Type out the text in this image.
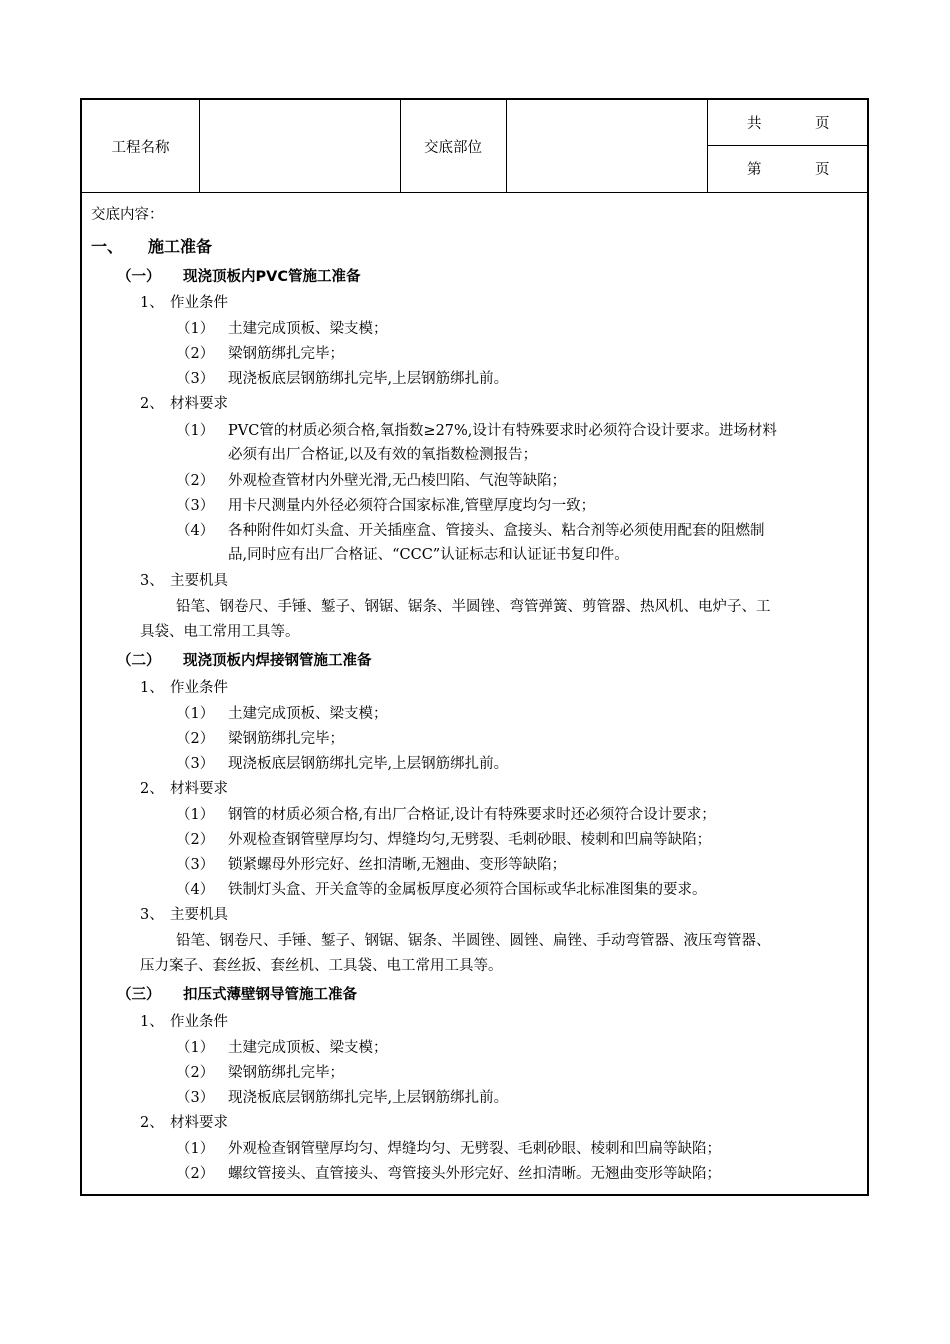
工程名称	交底部位
共	页
第	页
交底内容：
一、 施工准备
（一） 现浇顶板内PVC管施工准备
1、 作业条件
（1） 土建完成顶板、梁支模；
（2） 梁钢筋绑扎完毕；
（3） 现浇板底层钢筋绑扎完毕,上层钢筋绑扎前。
2、 材料要求
（1） PVC管的材质必须合格,氧指数≥27%,设计有特殊要求时必须符合设计要求。进场材料
必须有出厂合格证,以及有效的氧指数检测报告；
（2） 外观检查管材内外壁光滑,无凸棱凹陷、气泡等缺陷；
（3） 用卡尺测量内外径必须符合国家标准,管壁厚度均匀一致；
（4） 各种附件如灯头盒、开关插座盒、管接头、盒接头、粘合剂等必须使用配套的阻燃制
品,同时应有出厂合格证、“CCC”认证标志和认证证书复印件。
3、 主要机具
铅笔、钢卷尺、手锤、錾子、钢锯、锯条、半圆锉、弯管弹簧、剪管器、热风机、电炉子、工
具袋、电工常用工具等。
（二） 现浇顶板内焊接钢管施工准备
1、 作业条件
（1） 土建完成顶板、梁支模；
（2） 梁钢筋绑扎完毕；
（3） 现浇板底层钢筋绑扎完毕,上层钢筋绑扎前。
2、 材料要求
（1） 钢管的材质必须合格,有出厂合格证,设计有特殊要求时还必须符合设计要求；
（2） 外观检查钢管壁厚均匀、焊缝均匀,无劈裂、毛刺砂眼、棱刺和凹扁等缺陷；
（3） 锁紧螺母外形完好、丝扣清晰,无翘曲、变形等缺陷；
（4） 铁制灯头盒、开关盒等的金属板厚度必须符合国标或华北标准图集的要求。
3、 主要机具
铅笔、钢卷尺、手锤、錾子、钢锯、锯条、半圆锉、圆锉、扁锉、手动弯管器、液压弯管器、
压力案子、套丝扳、套丝机、工具袋、电工常用工具等。
（三） 扣压式薄壁钢导管施工准备
1、 作业条件
（1） 土建完成顶板、梁支模；
（2） 梁钢筋绑扎完毕；
（3） 现浇板底层钢筋绑扎完毕,上层钢筋绑扎前。
2、 材料要求
（1） 外观检查钢管壁厚均匀、焊缝均匀、无劈裂、毛刺砂眼、棱刺和凹扁等缺陷；
（2） 螺纹管接头、直管接头、弯管接头外形完好、丝扣清晰。无翘曲变形等缺陷；
